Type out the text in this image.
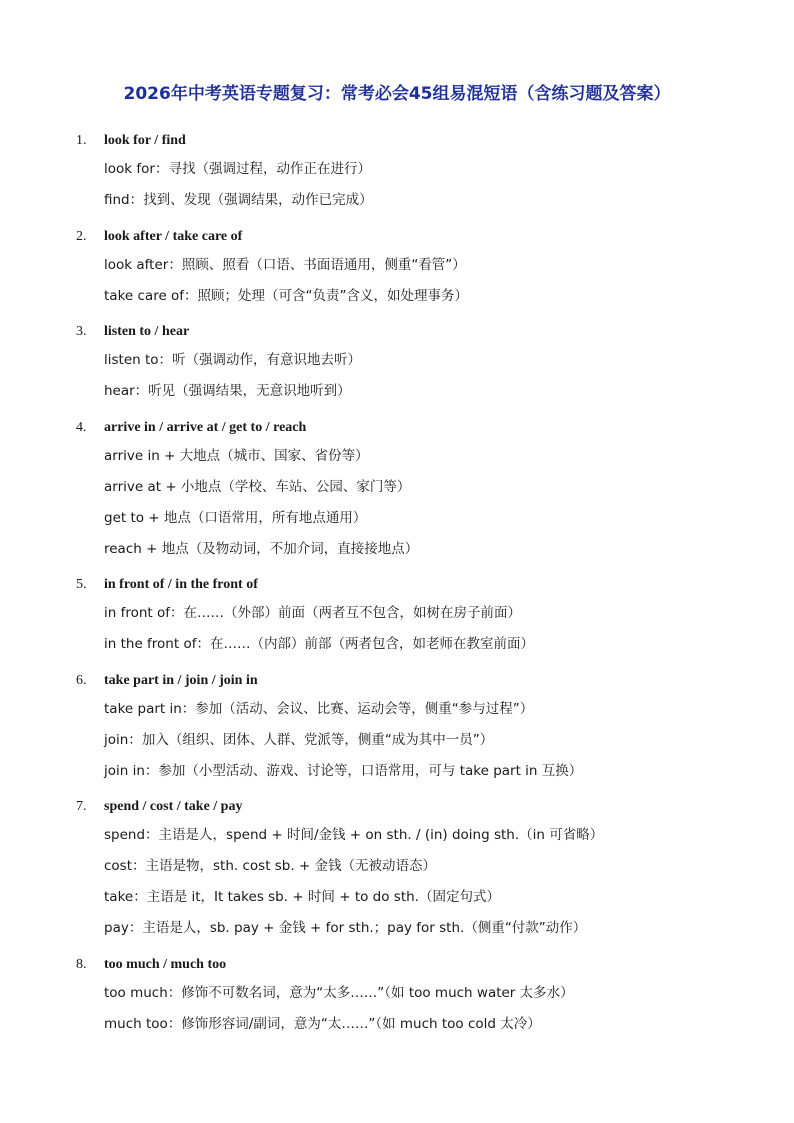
2026年中考英语专题复习：常考必会45组易混短语（含练习题及答案）
1. look for / find
look for：寻找（强调过程，动作正在进行）
find：找到、发现（强调结果，动作已完成）
2. look after / take care of
look after：照顾、照看（口语、书面语通用，侧重“看管”）
take care of：照顾；处理（可含“负责”含义，如处理事务）
3. listen to / hear
listen to：听（强调动作，有意识地去听）
hear：听见（强调结果，无意识地听到）
4. arrive in / arrive at / get to / reach
arrive in + 大地点（城市、国家、省份等）
arrive at + 小地点（学校、车站、公园、家门等）
get to + 地点（口语常用，所有地点通用）
reach + 地点（及物动词，不加介词，直接接地点）
5. in front of / in the front of
in front of：在……（外部）前面（两者互不包含，如树在房子前面）
in the front of：在……（内部）前部（两者包含，如老师在教室前面）
6. take part in / join / join in
take part in：参加（活动、会议、比赛、运动会等，侧重“参与过程”）
join：加入（组织、团体、人群、党派等，侧重“成为其中一员”）
join in：参加（小型活动、游戏、讨论等，口语常用，可与 take part in 互换）
7. spend / cost / take / pay
spend：主语是人，spend + 时间/金钱 + on sth. / (in) doing sth.（in 可省略）
cost：主语是物，sth. cost sb. + 金钱（无被动语态）
take：主语是 it，It takes sb. + 时间 + to do sth.（固定句式）
pay：主语是人，sb. pay + 金钱 + for sth.；pay for sth.（侧重“付款”动作）
8. too much / much too
too much：修饰不可数名词，意为“太多……”（如 too much water 太多水）
much too：修饰形容词/副词，意为“太……”（如 much too cold 太冷）
